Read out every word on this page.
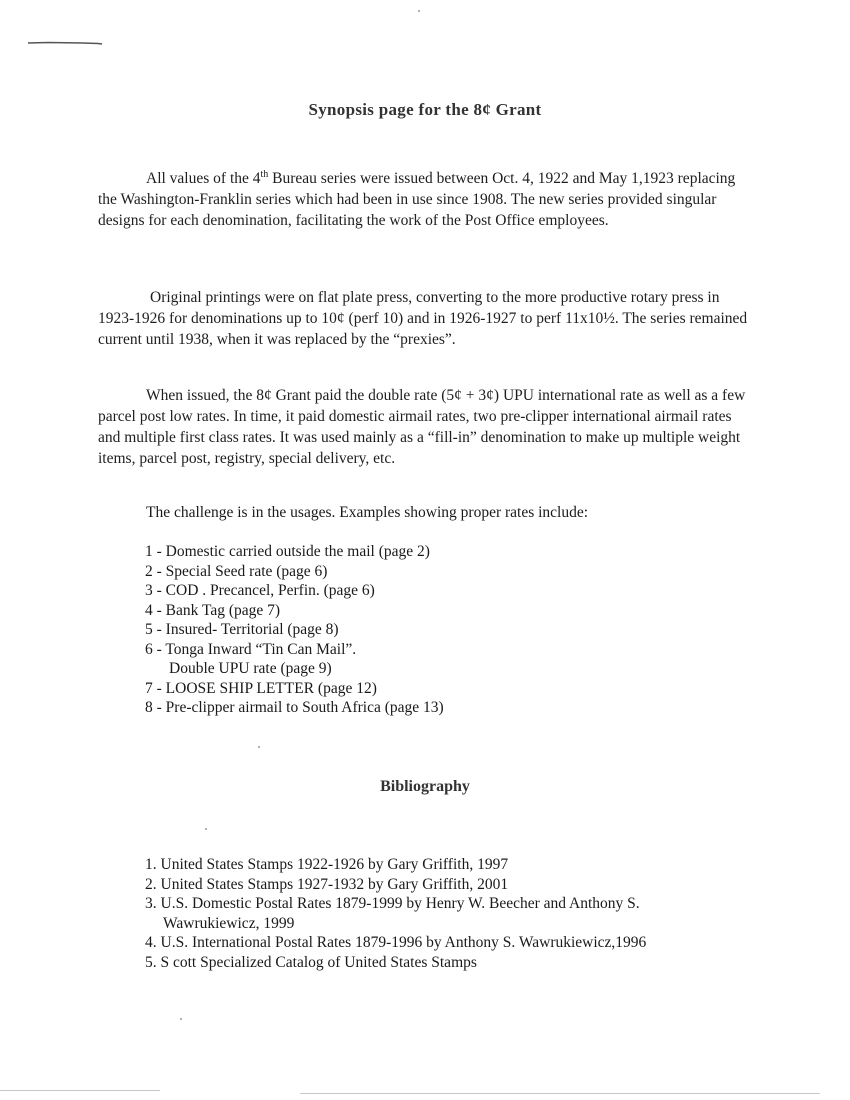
Synopsis page for the 8¢ Grant
All values of the 4th Bureau series were issued between Oct. 4, 1922 and May 1,1923 replacing the Washington-Franklin series which had been in use since 1908. The new series provided singular designs for each denomination, facilitating the work of the Post Office employees.
Original printings were on flat plate press, converting to the more productive rotary press in 1923-1926 for denominations up to 10¢ (perf 10) and in 1926-1927 to perf 11x10½. The series remained current until 1938, when it was replaced by the “prexies”.
When issued, the 8¢ Grant paid the double rate (5¢ + 3¢) UPU international rate as well as a few parcel post low rates. In time, it paid domestic airmail rates, two pre-clipper international airmail rates and multiple first class rates. It was used mainly as a “fill-in” denomination to make up multiple weight items, parcel post, registry, special delivery, etc.
The challenge is in the usages. Examples showing proper rates include:
1 - Domestic carried outside the mail (page 2)
2 - Special Seed rate (page 6)
3 - COD . Precancel, Perfin. (page 6)
4 - Bank Tag (page 7)
5 - Insured- Territorial (page 8)
6 - Tonga Inward “Tin Can Mail”.
Double UPU rate (page 9)
7 - LOOSE SHIP LETTER (page 12)
8 - Pre-clipper airmail to South Africa (page 13)
Bibliography
1. United States Stamps 1922-1926 by Gary Griffith, 1997
2. United States Stamps 1927-1932 by Gary Griffith, 2001
3. U.S. Domestic Postal Rates 1879-1999 by Henry W. Beecher and Anthony S. Wawrukiewicz, 1999
4. U.S. International Postal Rates 1879-1996 by Anthony S. Wawrukiewicz,1996
5. S cott Specialized Catalog of United States Stamps
